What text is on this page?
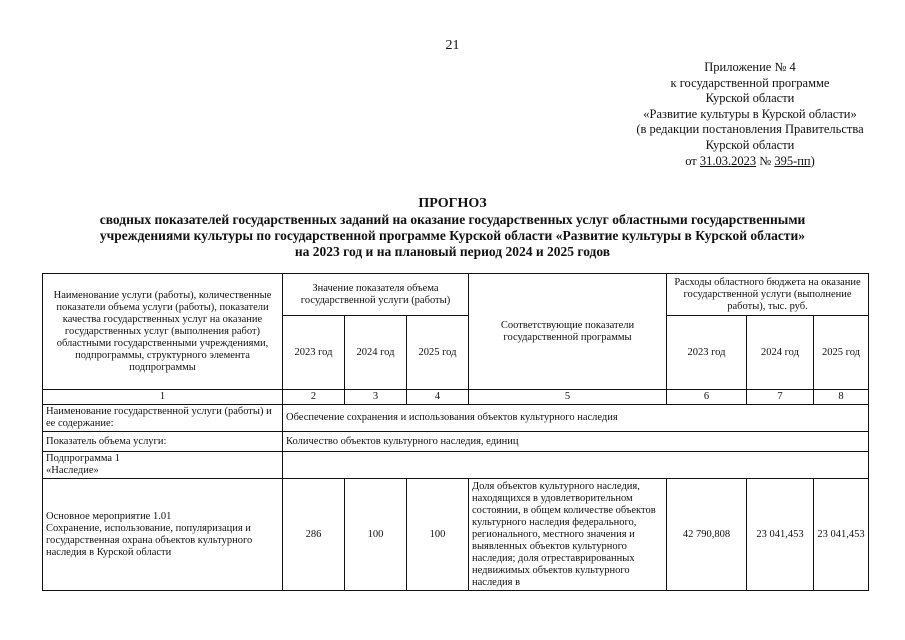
21
Приложение № 4
к государственной программе
Курской области
«Развитие культуры в Курской области»
(в редакции постановления Правительства
Курской области
от 31.03.2023 № 395-пп)
ПРОГНОЗ
сводных показателей государственных заданий на оказание государственных услуг областными государственными
учреждениями культуры по государственной программе Курской области «Развитие культуры в Курской области»
на 2023 год и на плановый период 2024 и 2025 годов
Наименование услуги (работы), количественные показатели объема услуги (работы), показатели качества государственных услуг на оказание государственных услуг (выполнения работ) областными государственными учреждениями, подпрограммы, структурного элемента подпрограммы	Значение показателя объема государственной услуги (работы)			Соответствующие показатели государственной программы	Расходы областного бюджета на оказание государственной услуги (выполнение работы), тыс. руб.		
	2023 год	2024 год	2025 год		2023 год	2024 год	2025 год
1	2	3	4	5	6	7	8
Наименование государственной услуги (работы) и ее содержание:	Обеспечение сохранения и использования объектов культурного наследия						
Показатель объема услуги:	Количество объектов культурного наследия, единиц						

Подпрограмма 1
«Наследие»							

Основное мероприятие 1.01
Сохранение, использование, популяризация и государственная охрана объектов культурного наследия в Курской области	286	100	100	Доля объектов культурного наследия, находящихся в удовлетворительном состоянии, в общем количестве объектов культурного наследия федерального, регионального, местного значения и выявленных объектов культурного наследия; доля отреставрированных недвижимых объектов культурного наследия в	42 790,808	23 041,453	23 041,453
